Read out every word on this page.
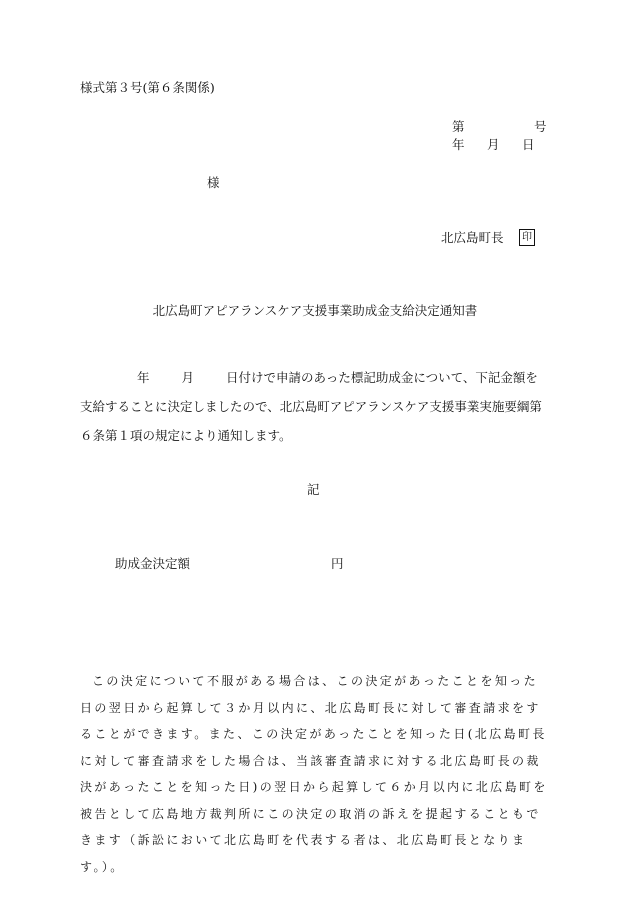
様式第３号(第６条関係)
第	号
年 月 日
様
北広島町長	印
北広島町アピアランスケア支援事業助成金支給決定通知書
年	月	日付けで申請のあった標記助成金について、下記金額を支給することに決定しましたので、北広島町アピアランスケア支援事業実施要綱第６条第１項の規定により通知します。
記
助成金決定額	円
この決定について不服がある場合は、この決定があったことを知った日の翌日から起算して３か月以内に、北広島町長に対して審査請求をすることができます。また、この決定があったことを知った日(北広島町長に対して審査請求をした場合は、当該審査請求に対する北広島町長の裁決があったことを知った日)の翌日から起算して６か月以内に北広島町を被告として広島地方裁判所にこの決定の取消の訴えを提起することもできます（訴訟において北広島町を代表する者は、北広島町長となります。）。
